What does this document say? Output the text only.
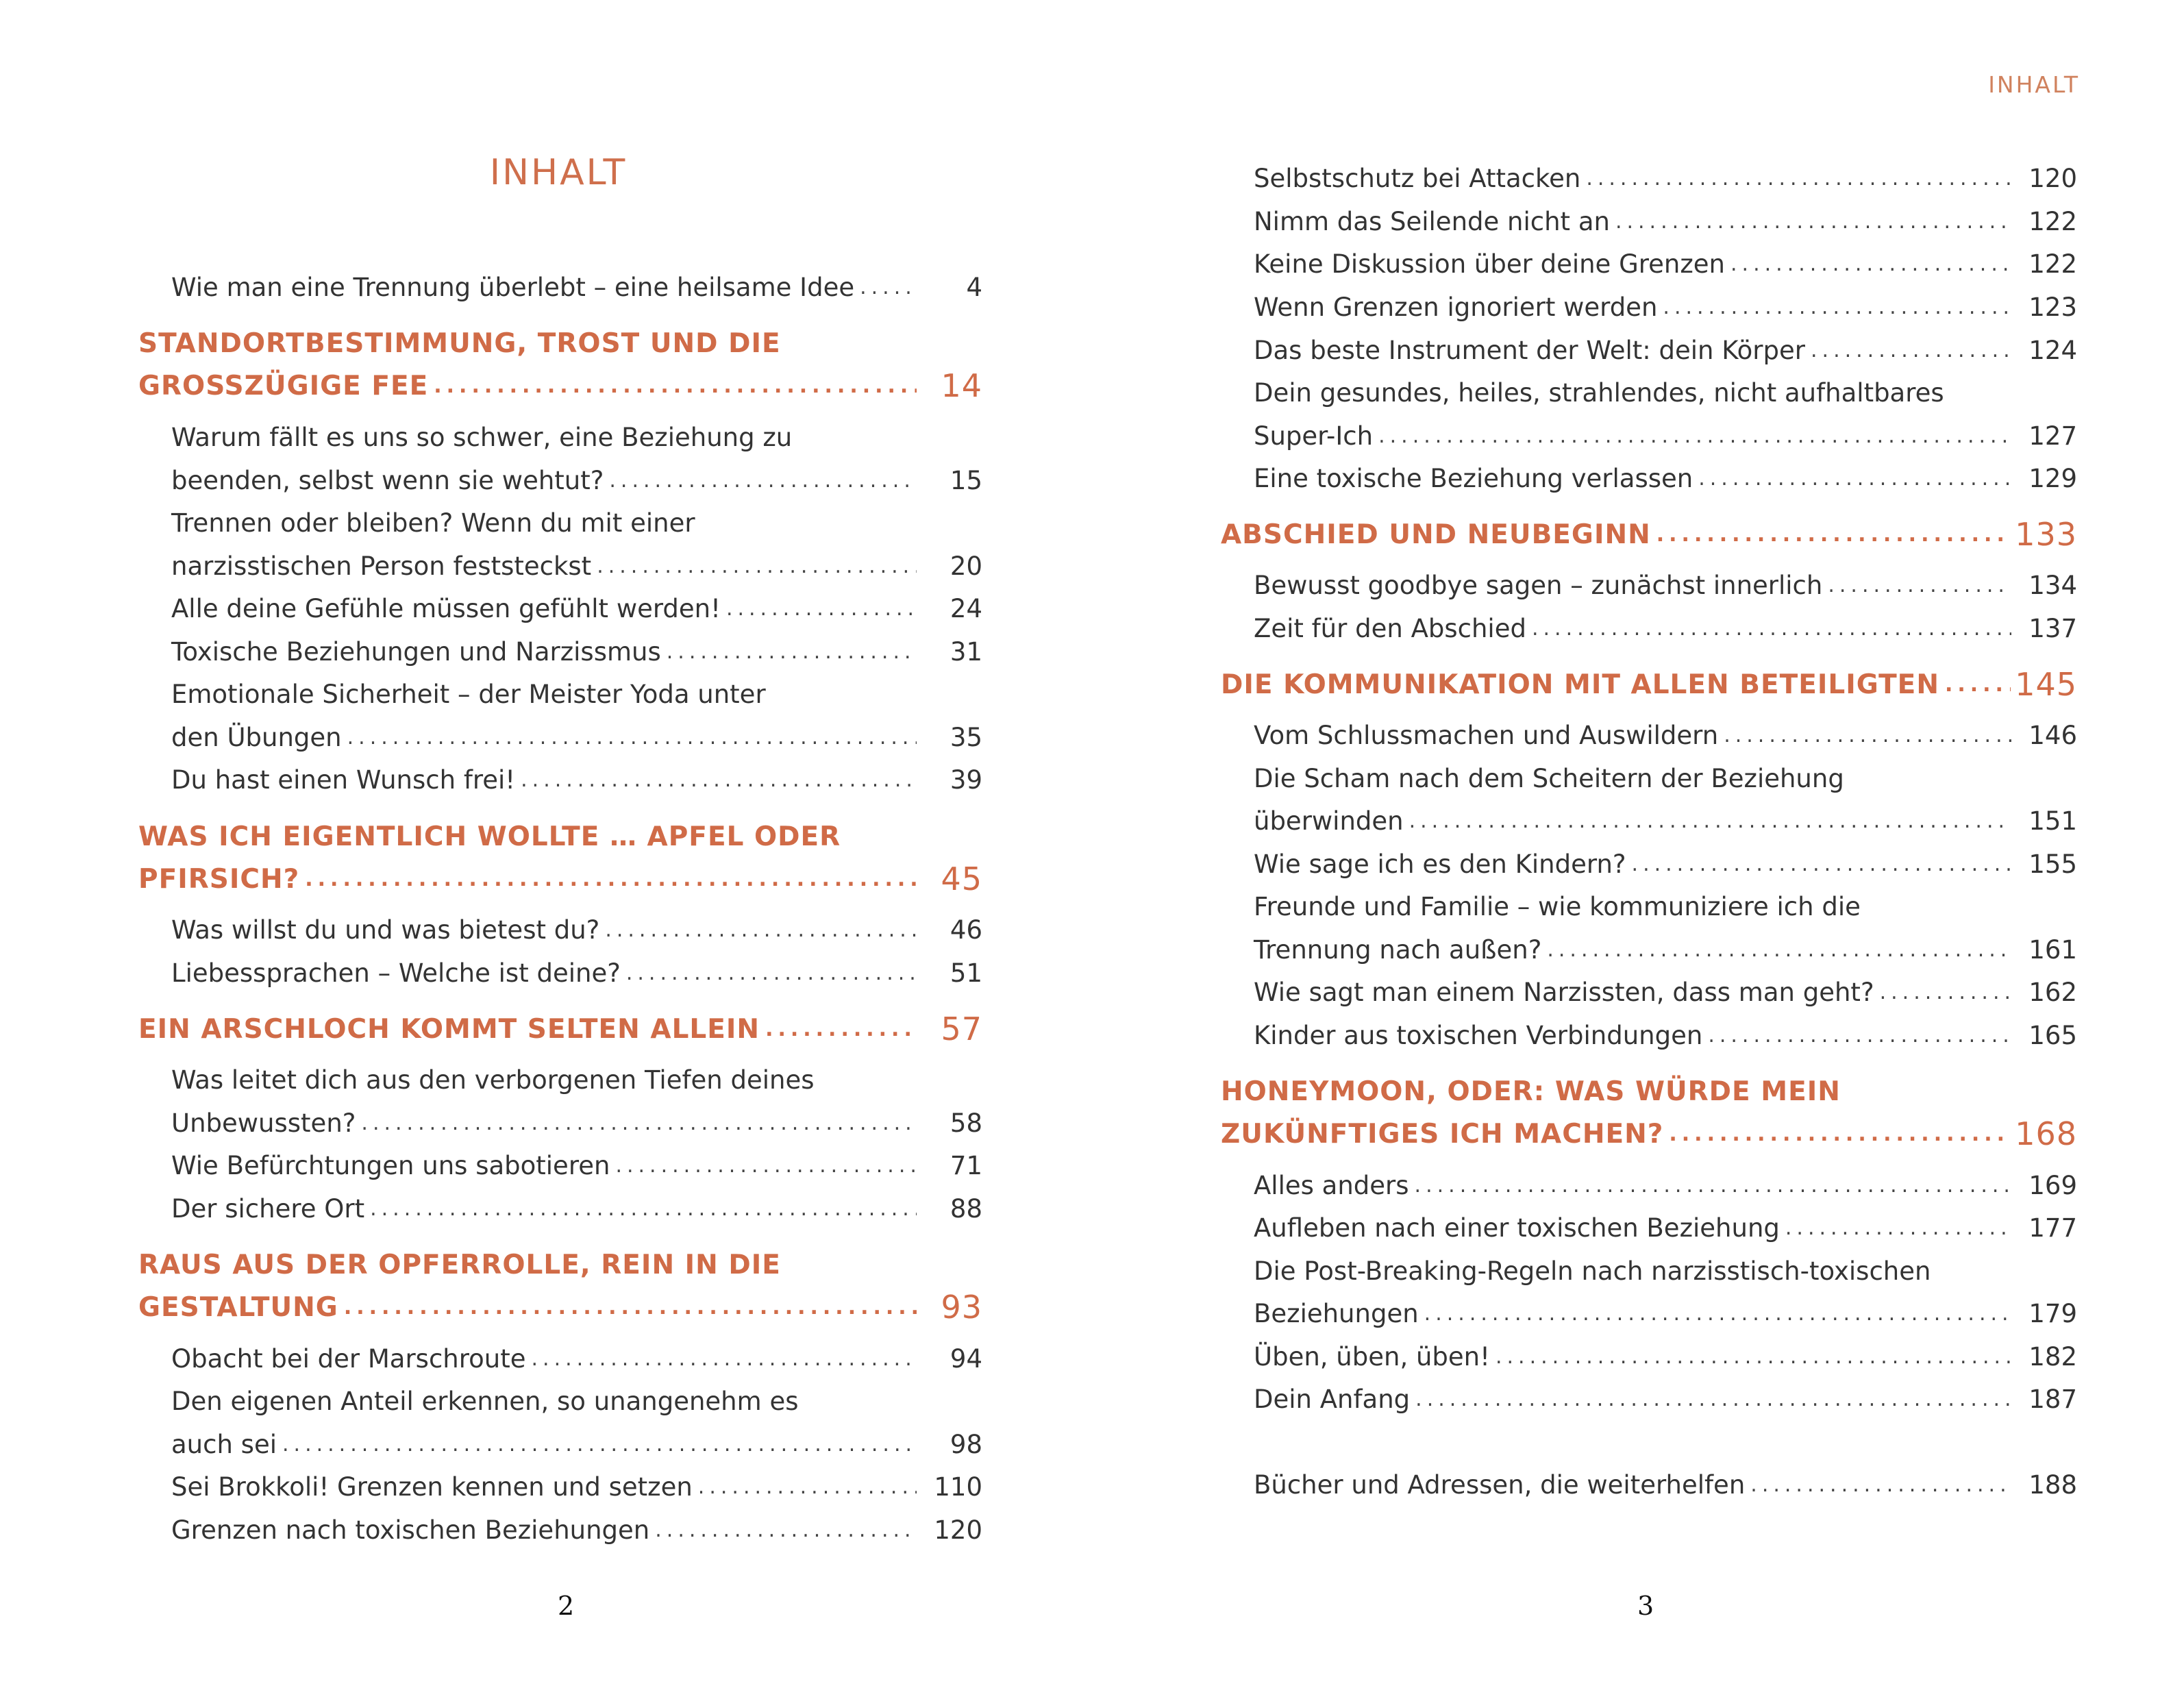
INHALT
Wie man eine Trennung überlebt – eine heilsame Idee .....	4
STANDORTBESTIMMUNG, TROST UND DIE
GROSSZÜGIGE FEE .....	14
Warum fällt es uns so schwer, eine Beziehung zu
beenden, selbst wenn sie wehtut? .....	15
Trennen oder bleiben? Wenn du mit einer
narzisstischen Person feststeckst .....	20
Alle deine Gefühle müssen gefühlt werden! .....	24
Toxische Beziehungen und Narzissmus .....	31
Emotionale Sicherheit – der Meister Yoda unter
den Übungen .....	35
Du hast einen Wunsch frei! .....	39
WAS ICH EIGENTLICH WOLLTE … APFEL ODER
PFIRSICH? .....	45
Was willst du und was bietest du? .....	46
Liebessprachen – Welche ist deine? .....	51
EIN ARSCHLOCH KOMMT SELTEN ALLEIN .....	57
Was leitet dich aus den verborgenen Tiefen deines
Unbewussten? .....	58
Wie Befürchtungen uns sabotieren .....	71
Der sichere Ort .....	88
RAUS AUS DER OPFERROLLE, REIN IN DIE
GESTALTUNG .....	93
Obacht bei der Marschroute .....	94
Den eigenen Anteil erkennen, so unangenehm es
auch sei .....	98
Sei Brokkoli! Grenzen kennen und setzen .....	110
Grenzen nach toxischen Beziehungen .....	120
2
INHALT
Selbstschutz bei Attacken .....	120
Nimm das Seilende nicht an .....	122
Keine Diskussion über deine Grenzen .....	122
Wenn Grenzen ignoriert werden .....	123
Das beste Instrument der Welt: dein Körper .....	124
Dein gesundes, heiles, strahlendes, nicht aufhaltbares
Super-Ich .....	127
Eine toxische Beziehung verlassen .....	129
ABSCHIED UND NEUBEGINN .....	133
Bewusst goodbye sagen – zunächst innerlich .....	134
Zeit für den Abschied .....	137
DIE KOMMUNIKATION MIT ALLEN BETEILIGTEN ..... 145
Vom Schlussmachen und Auswildern .....	146
Die Scham nach dem Scheitern der Beziehung
überwinden .....	151
Wie sage ich es den Kindern? .....	155
Freunde und Familie – wie kommuniziere ich die
Trennung nach außen? .....	161
Wie sagt man einem Narzissten, dass man geht? .....	162
Kinder aus toxischen Verbindungen .....	165
HONEYMOON, ODER: WAS WÜRDE MEIN
ZUKÜNFTIGES ICH MACHEN? .....	168
Alles anders .....	169
Aufleben nach einer toxischen Beziehung .....	177
Die Post-Breaking-Regeln nach narzisstisch-toxischen
Beziehungen .....	179
Üben, üben, üben! .....	182
Dein Anfang .....	187
Bücher und Adressen, die weiterhelfen .....	188
3
